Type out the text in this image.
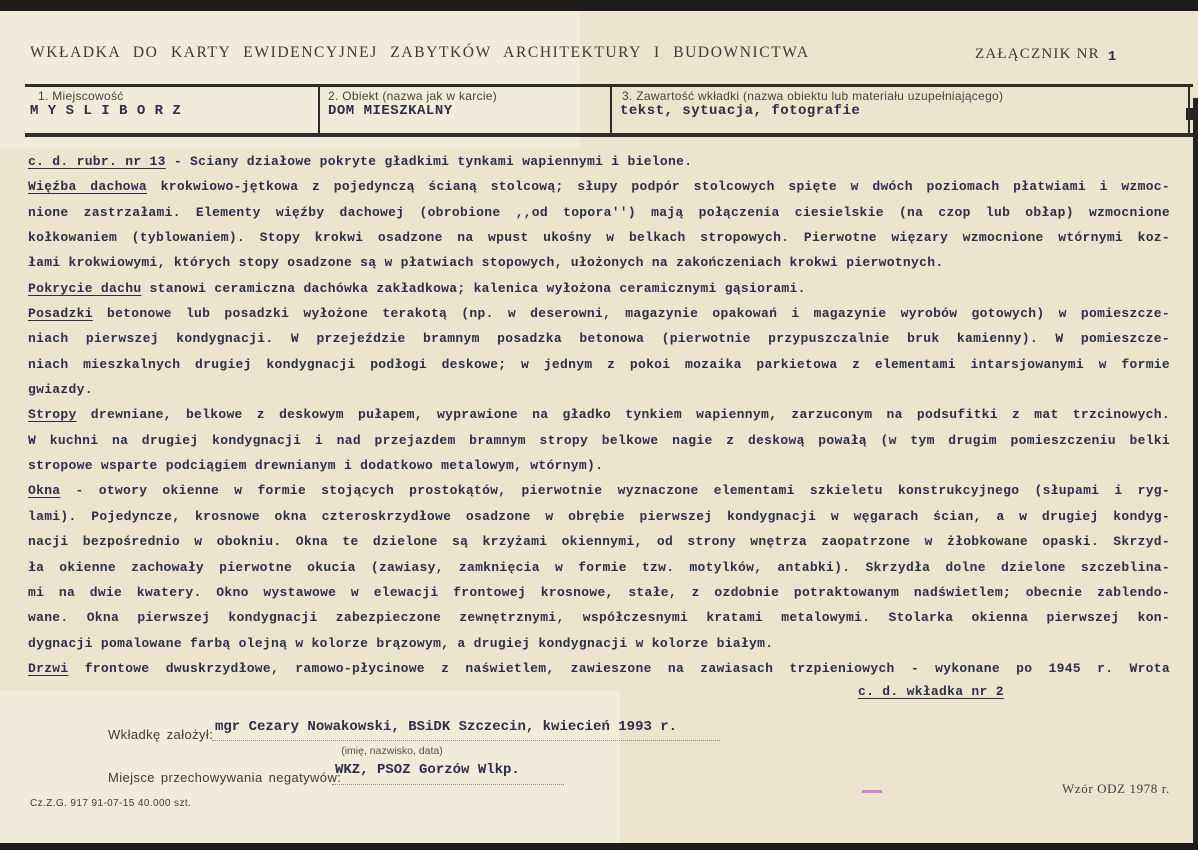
WKŁADKA DO KARTY EWIDENCYJNEJ ZABYTKÓW ARCHITEKTURY I BUDOWNICTWA	ZAŁĄCZNIK NR 1
1. Miejscowość
M Y S L I B O R Z
2. Obiekt (nazwa jak w karcie)
DOM MIESZKALNY
3. Zawartość wkładki (nazwa obiektu lub materiału uzupełniającego)
tekst, sytuacja, fotografie
c. d. rubr. nr 13 - Sciany działowe pokryte gładkimi tynkami wapiennymi i bielone.
Więźba dachowa krokwiowo-jętkowa z pojedynczą ścianą stolcową; słupy podpór stolcowych spięte w dwóch poziomach płatwiami i wzmoc-
nione zastrzałami. Elementy więźby dachowej (obrobione ,,od topora'') mają połączenia ciesielskie (na czop lub obłap) wzmocnione
kołkowaniem (tyblowaniem). Stopy krokwi osadzone na wpust ukośny w belkach stropowych. Pierwotne więzary wzmocnione wtórnymi koz-
łami krokwiowymi, których stopy osadzone są w płatwiach stopowych, ułożonych na zakończeniach krokwi pierwotnych.
Pokrycie dachu stanowi ceramiczna dachówka zakładkowa; kalenica wyłożona ceramicznymi gąsiorami.
Posadzki betonowe lub posadzki wyłożone terakotą (np. w deserowni, magazynie opakowań i magazynie wyrobów gotowych) w pomieszcze-
niach pierwszej kondygnacji. W przejeździe bramnym posadzka betonowa (pierwotnie przypuszczalnie bruk kamienny). W pomieszcze-
niach mieszkalnych drugiej kondygnacji podłogi deskowe; w jednym z pokoi mozaika parkietowa z elementami intarsjowanymi w formie
gwiazdy.
Stropy drewniane, belkowe z deskowym pułapem, wyprawione na gładko tynkiem wapiennym, zarzuconym na podsufitki z mat trzcinowych.
W kuchni na drugiej kondygnacji i nad przejazdem bramnym stropy belkowe nagie z deskową powałą (w tym drugim pomieszczeniu belki
stropowe wsparte podciągiem drewnianym i dodatkowo metalowym, wtórnym).
Okna - otwory okienne w formie stojących prostokątów, pierwotnie wyznaczone elementami szkieletu konstrukcyjnego (słupami i ryg-
lami). Pojedyncze, krosnowe okna czteroskrzydłowe osadzone w obrębie pierwszej kondygnacji w węgarach ścian, a w drugiej kondyg-
nacji bezpośrednio w obokniu. Okna te dzielone są krzyżami okiennymi, od strony wnętrza zaopatrzone w żłobkowane opaski. Skrzyd-
ła okienne zachowały pierwotne okucia (zawiasy, zamknięcia w formie tzw. motylków, antabki). Skrzydła dolne dzielone szczeblina-
mi na dwie kwatery. Okno wystawowe w elewacji frontowej krosnowe, stałe, z ozdobnie potraktowanym nadświetlem; obecnie zablendo-
wane. Okna pierwszej kondygnacji zabezpieczone zewnętrznymi, współczesnymi kratami metalowymi. Stolarka okienna pierwszej kon-
dygnacji pomalowane farbą olejną w kolorze brązowym, a drugiej kondygnacji w kolorze białym.
Drzwi frontowe dwuskrzydłowe, ramowo-płycinowe z naświetlem, zawieszone na zawiasach trzpieniowych - wykonane po 1945 r. Wrota
c. d. wkładka nr 2
Wkładkę założył: mgr Cezary Nowakowski, BSiDK Szczecin, kwiecień 1993 r.
(imię, nazwisko, data)
Miejsce przechowywania negatywów:
WKZ, PSOZ Gorzów Wlkp.
Cz.Z.G. 917 91-07-15 40.000 szt.
Wzór ODZ 1978 r.
